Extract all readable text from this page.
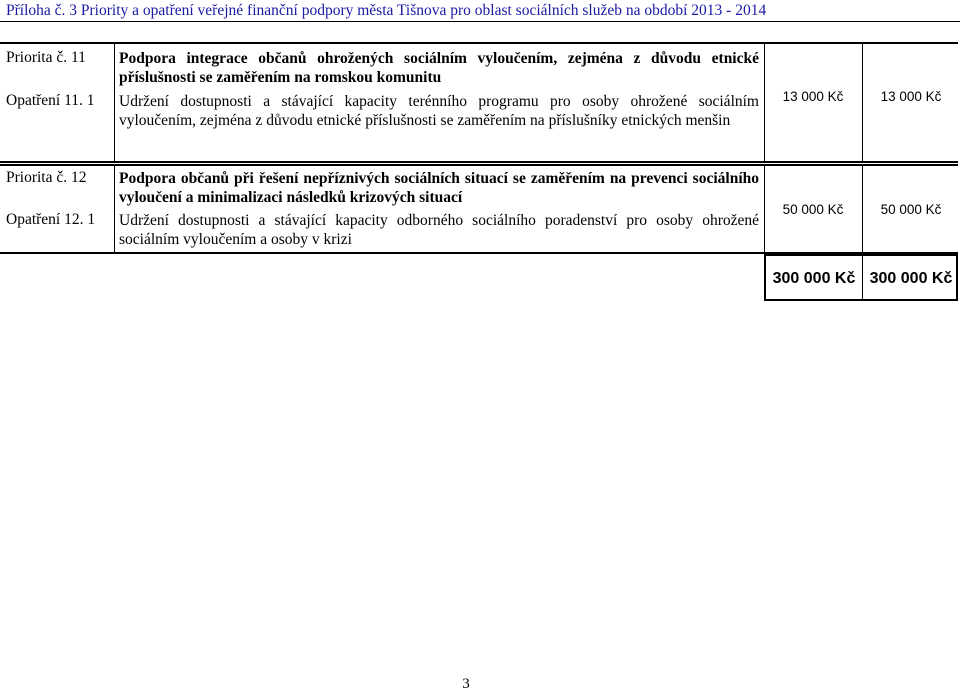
Příloha č. 3 Priority a opatření veřejné finanční podpory města Tišnova pro oblast sociálních služeb na období 2013 - 2014
Priorita č. 11 Podpora integrace občanů ohrožených sociálním vyloučením, zejména z důvodu etnické příslušnosti se zaměřením na romskou komunitu
Opatření 11. 1 Udržení dostupnosti a stávající kapacity terénního programu pro osoby ohrožené sociálním vyloučením, zejména z důvodu etnické příslušnosti se zaměřením na příslušníky etnických menšin
13 000 Kč	13 000 Kč
Priorita č. 12 Podpora občanů při řešení nepříznivých sociálních situací se zaměřením na prevenci sociálního vyloučení a minimalizaci následků krizových situací
Opatření 12. 1 Udržení dostupnosti a stávající kapacity odborného sociálního poradenství pro osoby ohrožené sociálním vyloučením a osoby v krizi
50 000 Kč	50 000 Kč
300 000 Kč 300 000 Kč
3
